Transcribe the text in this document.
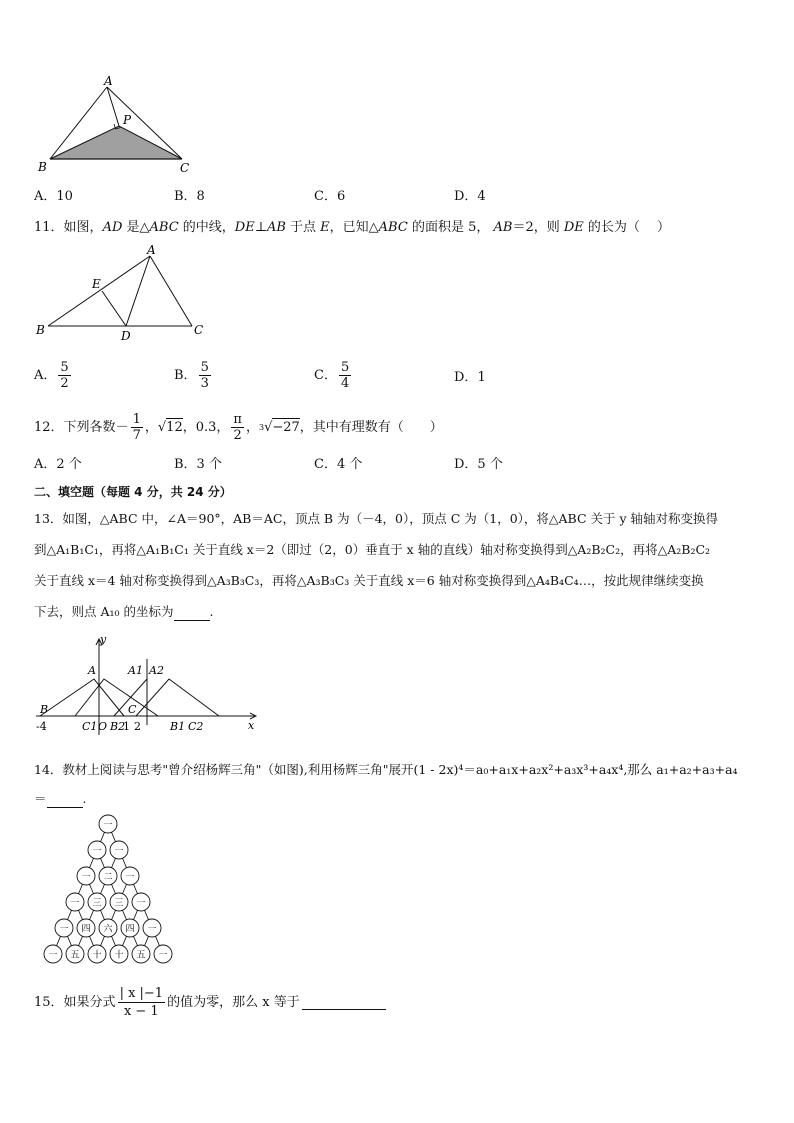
A
P
B	C
A．10	B．8	C．6	D．4
11．如图，AD 是△ABC 的中线，DE⊥AB 于点 E，已知△ABC 的面积是 5， AB＝2，则 DE 的长为（　 ）
A
E
B	D	C
A． $\frac{5}{2}$	B． $\frac{5}{3}$	C． $\frac{5}{4}$	D．1
12． 下列各数 － $\frac{1}{7}$ ， √ 12 ，0.3， $\frac{\pi}{2}$ ， 3 √ −27 ，其中有理数有（　　）
A．2 个	B．3 个	C．4 个	D．5 个
二、填空题（每题 4 分，共 24 分）
13．如图，△ABC 中，∠A＝90°，AB＝AC，顶点 B 为（－4，0），顶点 C 为（1，0），将△ABC 关于 y 轴轴对称变换得
到△A₁B₁C₁，再将△A₁B₁C₁ 关于直线 x＝2（即过（2，0）垂直于 x 轴的直线）轴对称变换得到△A₂B₂C₂，再将△A₂B₂C₂
关于直线 x＝4 轴对称变换得到△A₃B₃C₃，再将△A₃B₃C₃ 关于直线 x＝6 轴对称变换得到△A₄B₄C₄…，按此规律继续变换
下去，则点 A₁₀ 的坐标为	.
y
x
A	A1 A2
B	C
-4	C1 O B2
1 2	B1 C2
14．教材上阅读与思考"曾介绍杨辉三角"（如图),利用杨辉三角"展开(1 - 2x)⁴＝a₀+a₁x+a₂x²+a₃x³+a₄x⁴,那么 a₁+a₂+a₃+a₄
＝	.
一
一 一
一 二 一
一 三 三 一
一 四 六 四 一
一 五 十 十 五 一
15． 如果分式 $\frac{| x |-1}{x - 1}$ 的值为零，那么 x 等于
